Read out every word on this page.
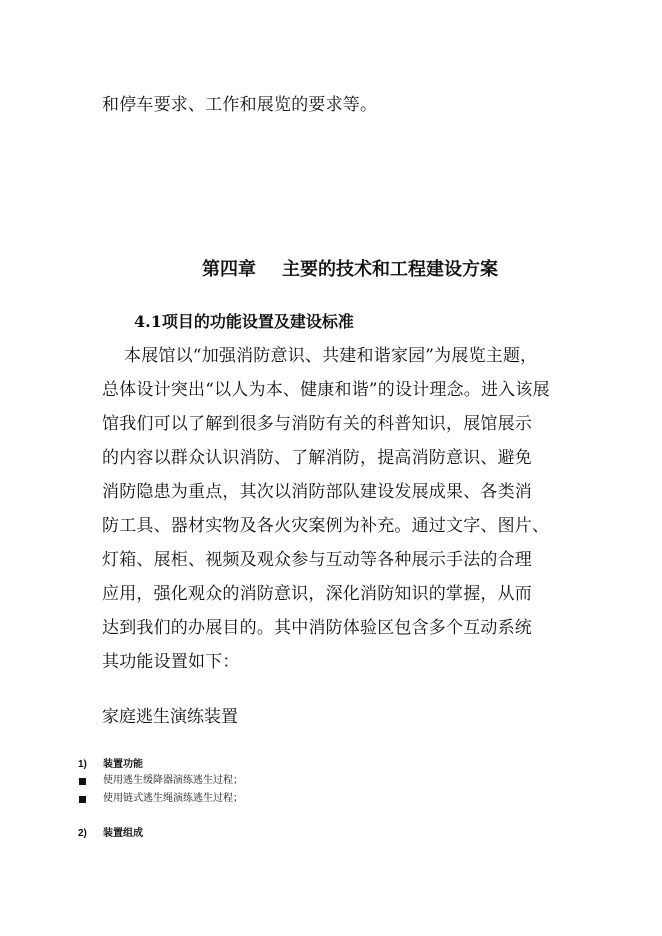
和停车要求、工作和展览的要求等。
第四章 主要的技术和工程建设方案
4.1项目的功能设置及建设标准
本展馆以“加强消防意识、共建和谐家园”为展览主题，
总体设计突出“以人为本、健康和谐”的设计理念。进入该展
馆我们可以了解到很多与消防有关的科普知识，展馆展示
的内容以群众认识消防、了解消防，提高消防意识、避免
消防隐患为重点，其次以消防部队建设发展成果、各类消
防工具、器材实物及各火灾案例为补充。通过文字、图片、
灯箱、展柜、视频及观众参与互动等各种展示手法的合理
应用，强化观众的消防意识，深化消防知识的掌握，从而
达到我们的办展目的。其中消防体验区包含多个互动系统
其功能设置如下：
家庭逃生演练装置
1) 装置功能
使用逃生缓降器演练逃生过程；
使用链式逃生绳演练逃生过程；
2) 装置组成
